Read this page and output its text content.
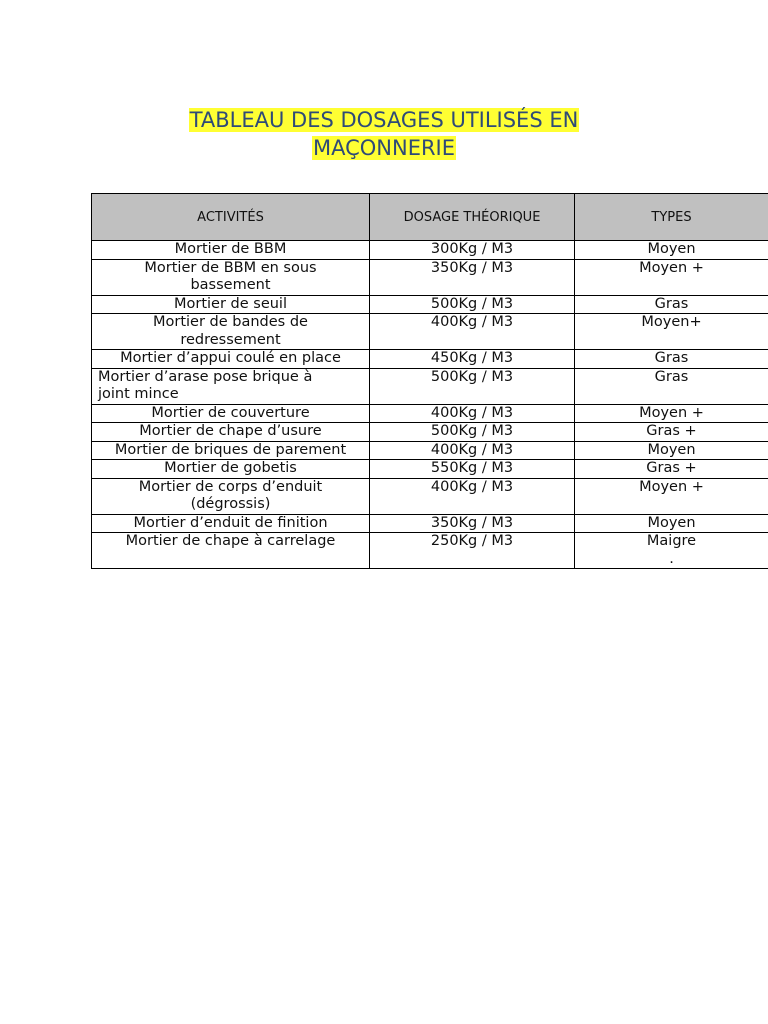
TABLEAU DES DOSAGES UTILISÉS EN
MAÇONNERIE
ACTIVITÉS	DOSAGE THÉORIQUE	TYPES
Mortier de BBM	300Kg / M3	Moyen
Mortier de BBM en sous
bassement	350Kg / M3	Moyen +
Mortier de seuil	500Kg / M3	Gras
Mortier de bandes de
redressement	400Kg / M3	Moyen+
Mortier d’appui coulé en place	450Kg / M3	Gras
Mortier d’arase pose brique à
joint mince	500Kg / M3	Gras
Mortier de couverture	400Kg / M3	Moyen +
Mortier de chape d’usure	500Kg / M3	Gras +
Mortier de briques de parement	400Kg / M3	Moyen
Mortier de gobetis	550Kg / M3	Gras +
Mortier de corps d’enduit
(dégrossis)	400Kg / M3	Moyen +
Mortier d’enduit de finition	350Kg / M3	Moyen
Mortier de chape à carrelage	250Kg / M3	Maigre
.
